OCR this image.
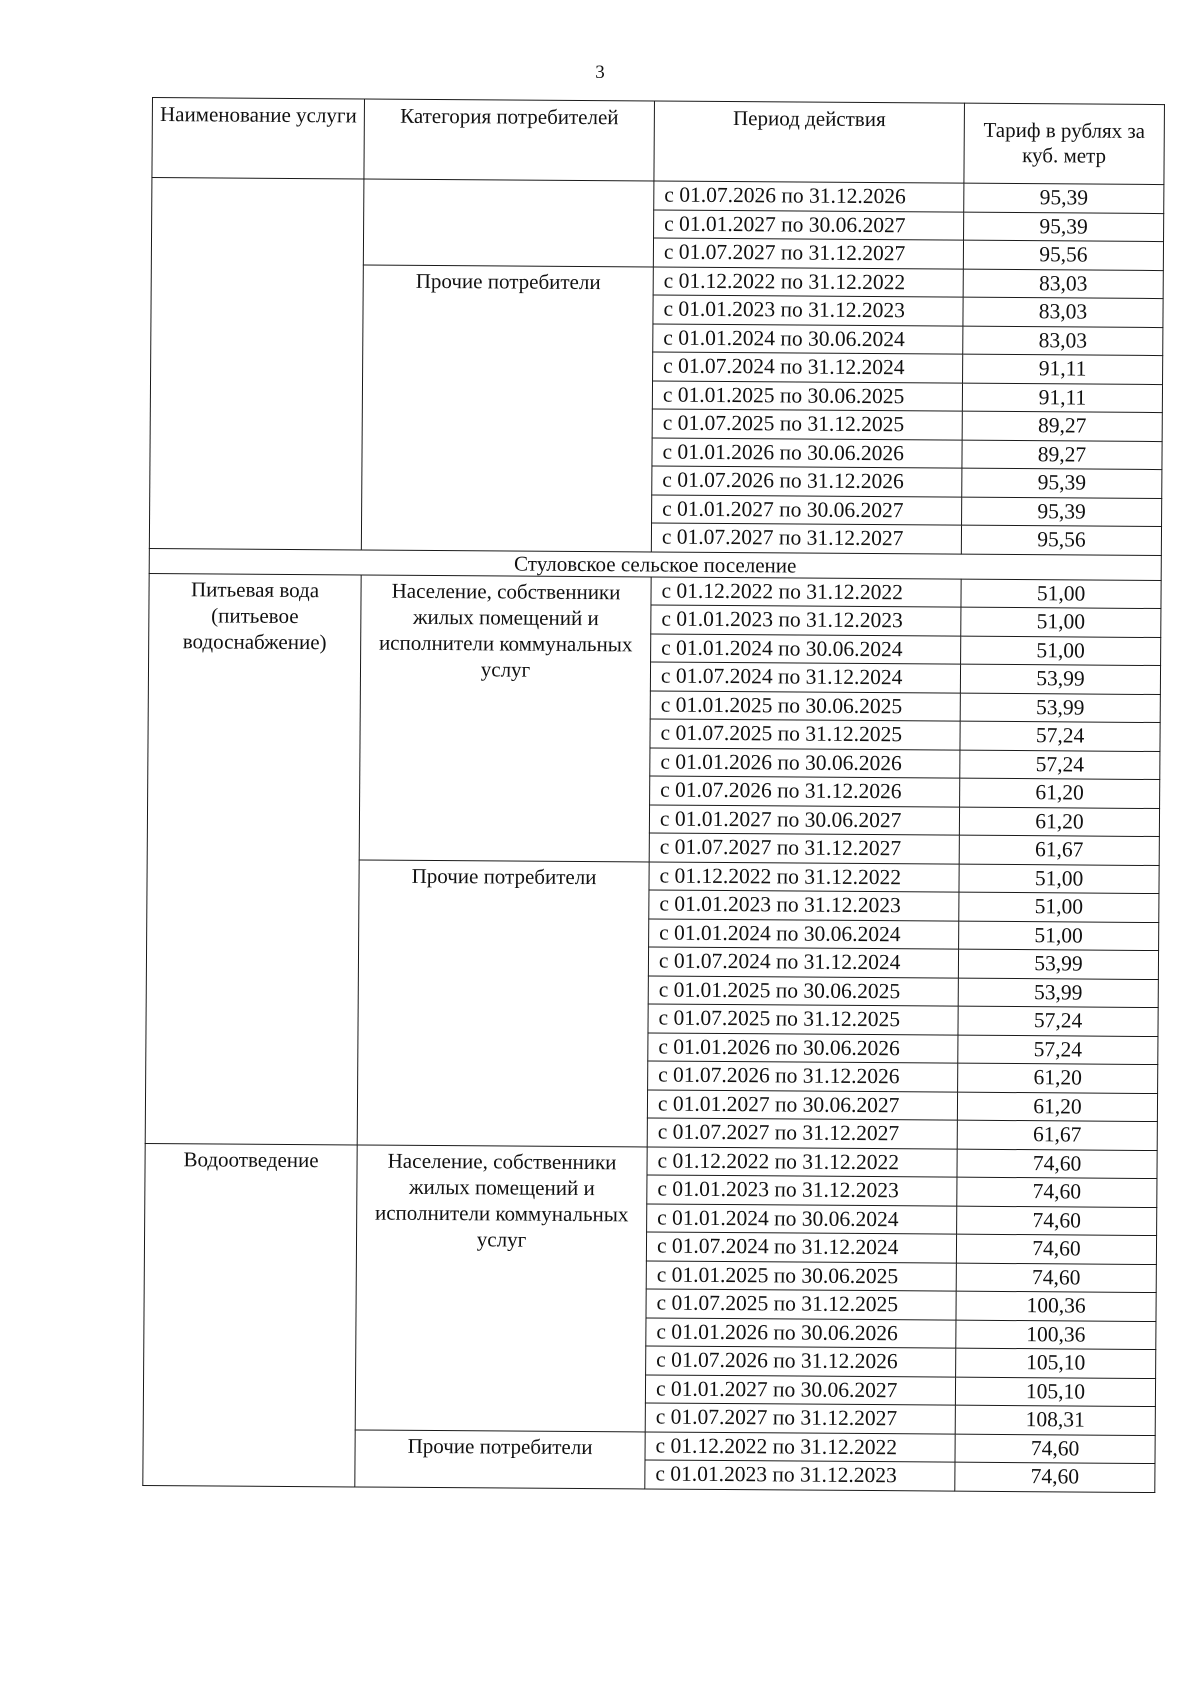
3
Наименование услуги	Категория потребителей	Период действия	Тариф в рублях за куб. метр
		с 01.07.2026 по 31.12.2026	95,39
		с 01.01.2027 по 30.06.2027	95,39
		с 01.07.2027 по 31.12.2027	95,56
	Прочие потребители	с 01.12.2022 по 31.12.2022	83,03
		с 01.01.2023 по 31.12.2023	83,03
		с 01.01.2024 по 30.06.2024	83,03
		с 01.07.2024 по 31.12.2024	91,11
		с 01.01.2025 по 30.06.2025	91,11
		с 01.07.2025 по 31.12.2025	89,27
		с 01.01.2026 по 30.06.2026	89,27
		с 01.07.2026 по 31.12.2026	95,39
		с 01.01.2027 по 30.06.2027	95,39
		с 01.07.2027 по 31.12.2027	95,56
Стуловское сельское поселение			
Питьевая вода (питьевое водоснабжение)	Население, собственники жилых помещений и исполнители коммунальных услуг	с 01.12.2022 по 31.12.2022	51,00
		с 01.01.2023 по 31.12.2023	51,00
		с 01.01.2024 по 30.06.2024	51,00
		с 01.07.2024 по 31.12.2024	53,99
		с 01.01.2025 по 30.06.2025	53,99
		с 01.07.2025 по 31.12.2025	57,24
		с 01.01.2026 по 30.06.2026	57,24
		с 01.07.2026 по 31.12.2026	61,20
		с 01.01.2027 по 30.06.2027	61,20
		с 01.07.2027 по 31.12.2027	61,67
	Прочие потребители	с 01.12.2022 по 31.12.2022	51,00
		с 01.01.2023 по 31.12.2023	51,00
		с 01.01.2024 по 30.06.2024	51,00
		с 01.07.2024 по 31.12.2024	53,99
		с 01.01.2025 по 30.06.2025	53,99
		с 01.07.2025 по 31.12.2025	57,24
		с 01.01.2026 по 30.06.2026	57,24
		с 01.07.2026 по 31.12.2026	61,20
		с 01.01.2027 по 30.06.2027	61,20
		с 01.07.2027 по 31.12.2027	61,67
Водоотведение	Население, собственники жилых помещений и исполнители коммунальных услуг	с 01.12.2022 по 31.12.2022	74,60
		с 01.01.2023 по 31.12.2023	74,60
		с 01.01.2024 по 30.06.2024	74,60
		с 01.07.2024 по 31.12.2024	74,60
		с 01.01.2025 по 30.06.2025	74,60
		с 01.07.2025 по 31.12.2025	100,36
		с 01.01.2026 по 30.06.2026	100,36
		с 01.07.2026 по 31.12.2026	105,10
		с 01.01.2027 по 30.06.2027	105,10
		с 01.07.2027 по 31.12.2027	108,31
	Прочие потребители	с 01.12.2022 по 31.12.2022	74,60
		с 01.01.2023 по 31.12.2023	74,60
